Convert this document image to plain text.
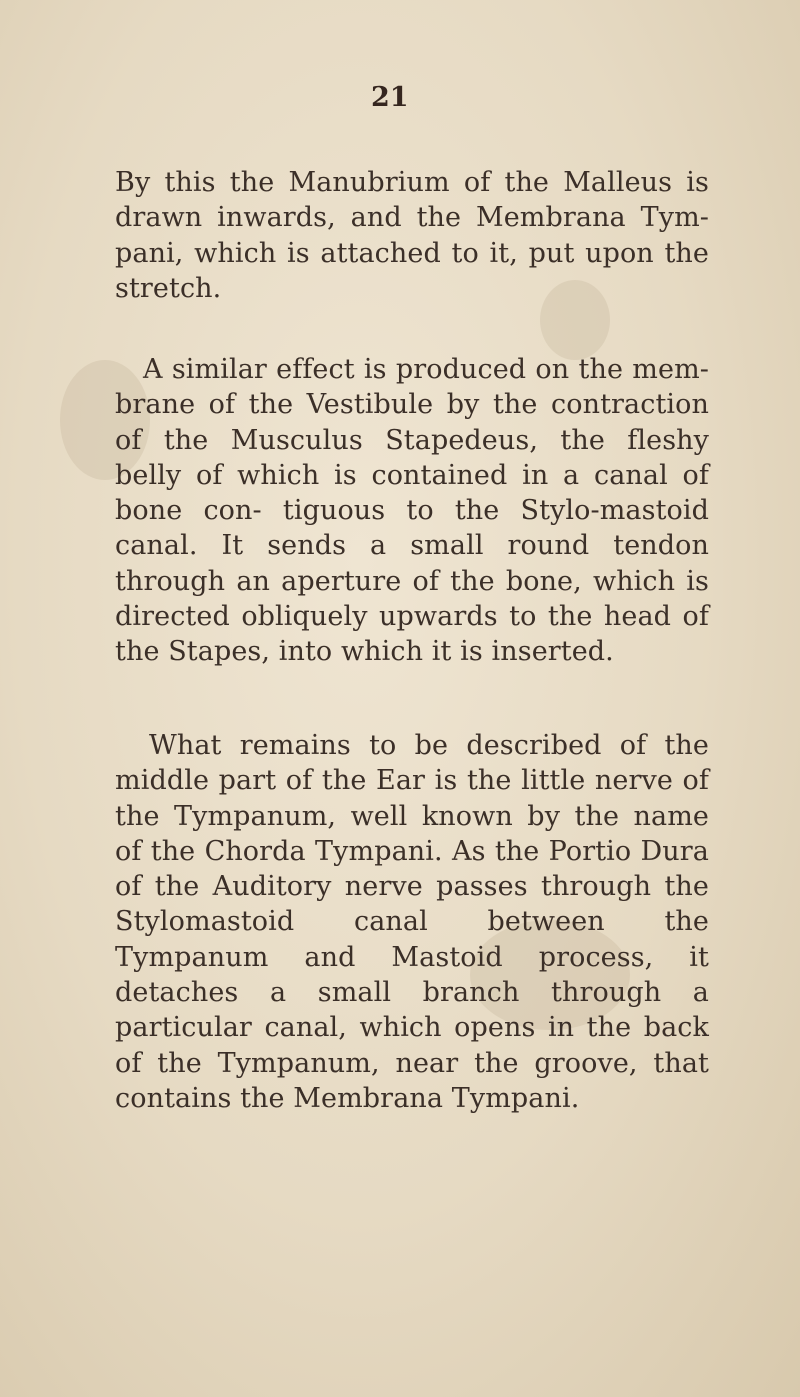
21

By this the Manubrium of the Malleus is drawn inwards, and the Membrana Tym- pani, which is attached to it, put upon the stretch.

A similar effect is produced on the mem- brane of the Vestibule by the contraction of the Musculus Stapedeus, the fleshy belly of which is contained in a canal of bone con- tiguous to the Stylo-mastoid canal. It sends a small round tendon through an aperture of the bone, which is directed obliquely upwards to the head of the Stapes, into which it is inserted.

What remains to be described of the middle part of the Ear is the little nerve of the Tympanum, well known by the name of the Chorda Tympani. As the Portio Dura of the Auditory nerve passes through the Stylomastoid canal between the Tympanum and Mastoid process, it detaches a small branch through a particular canal, which opens in the back of the Tympanum, near the groove, that contains the Membrana Tympani.
